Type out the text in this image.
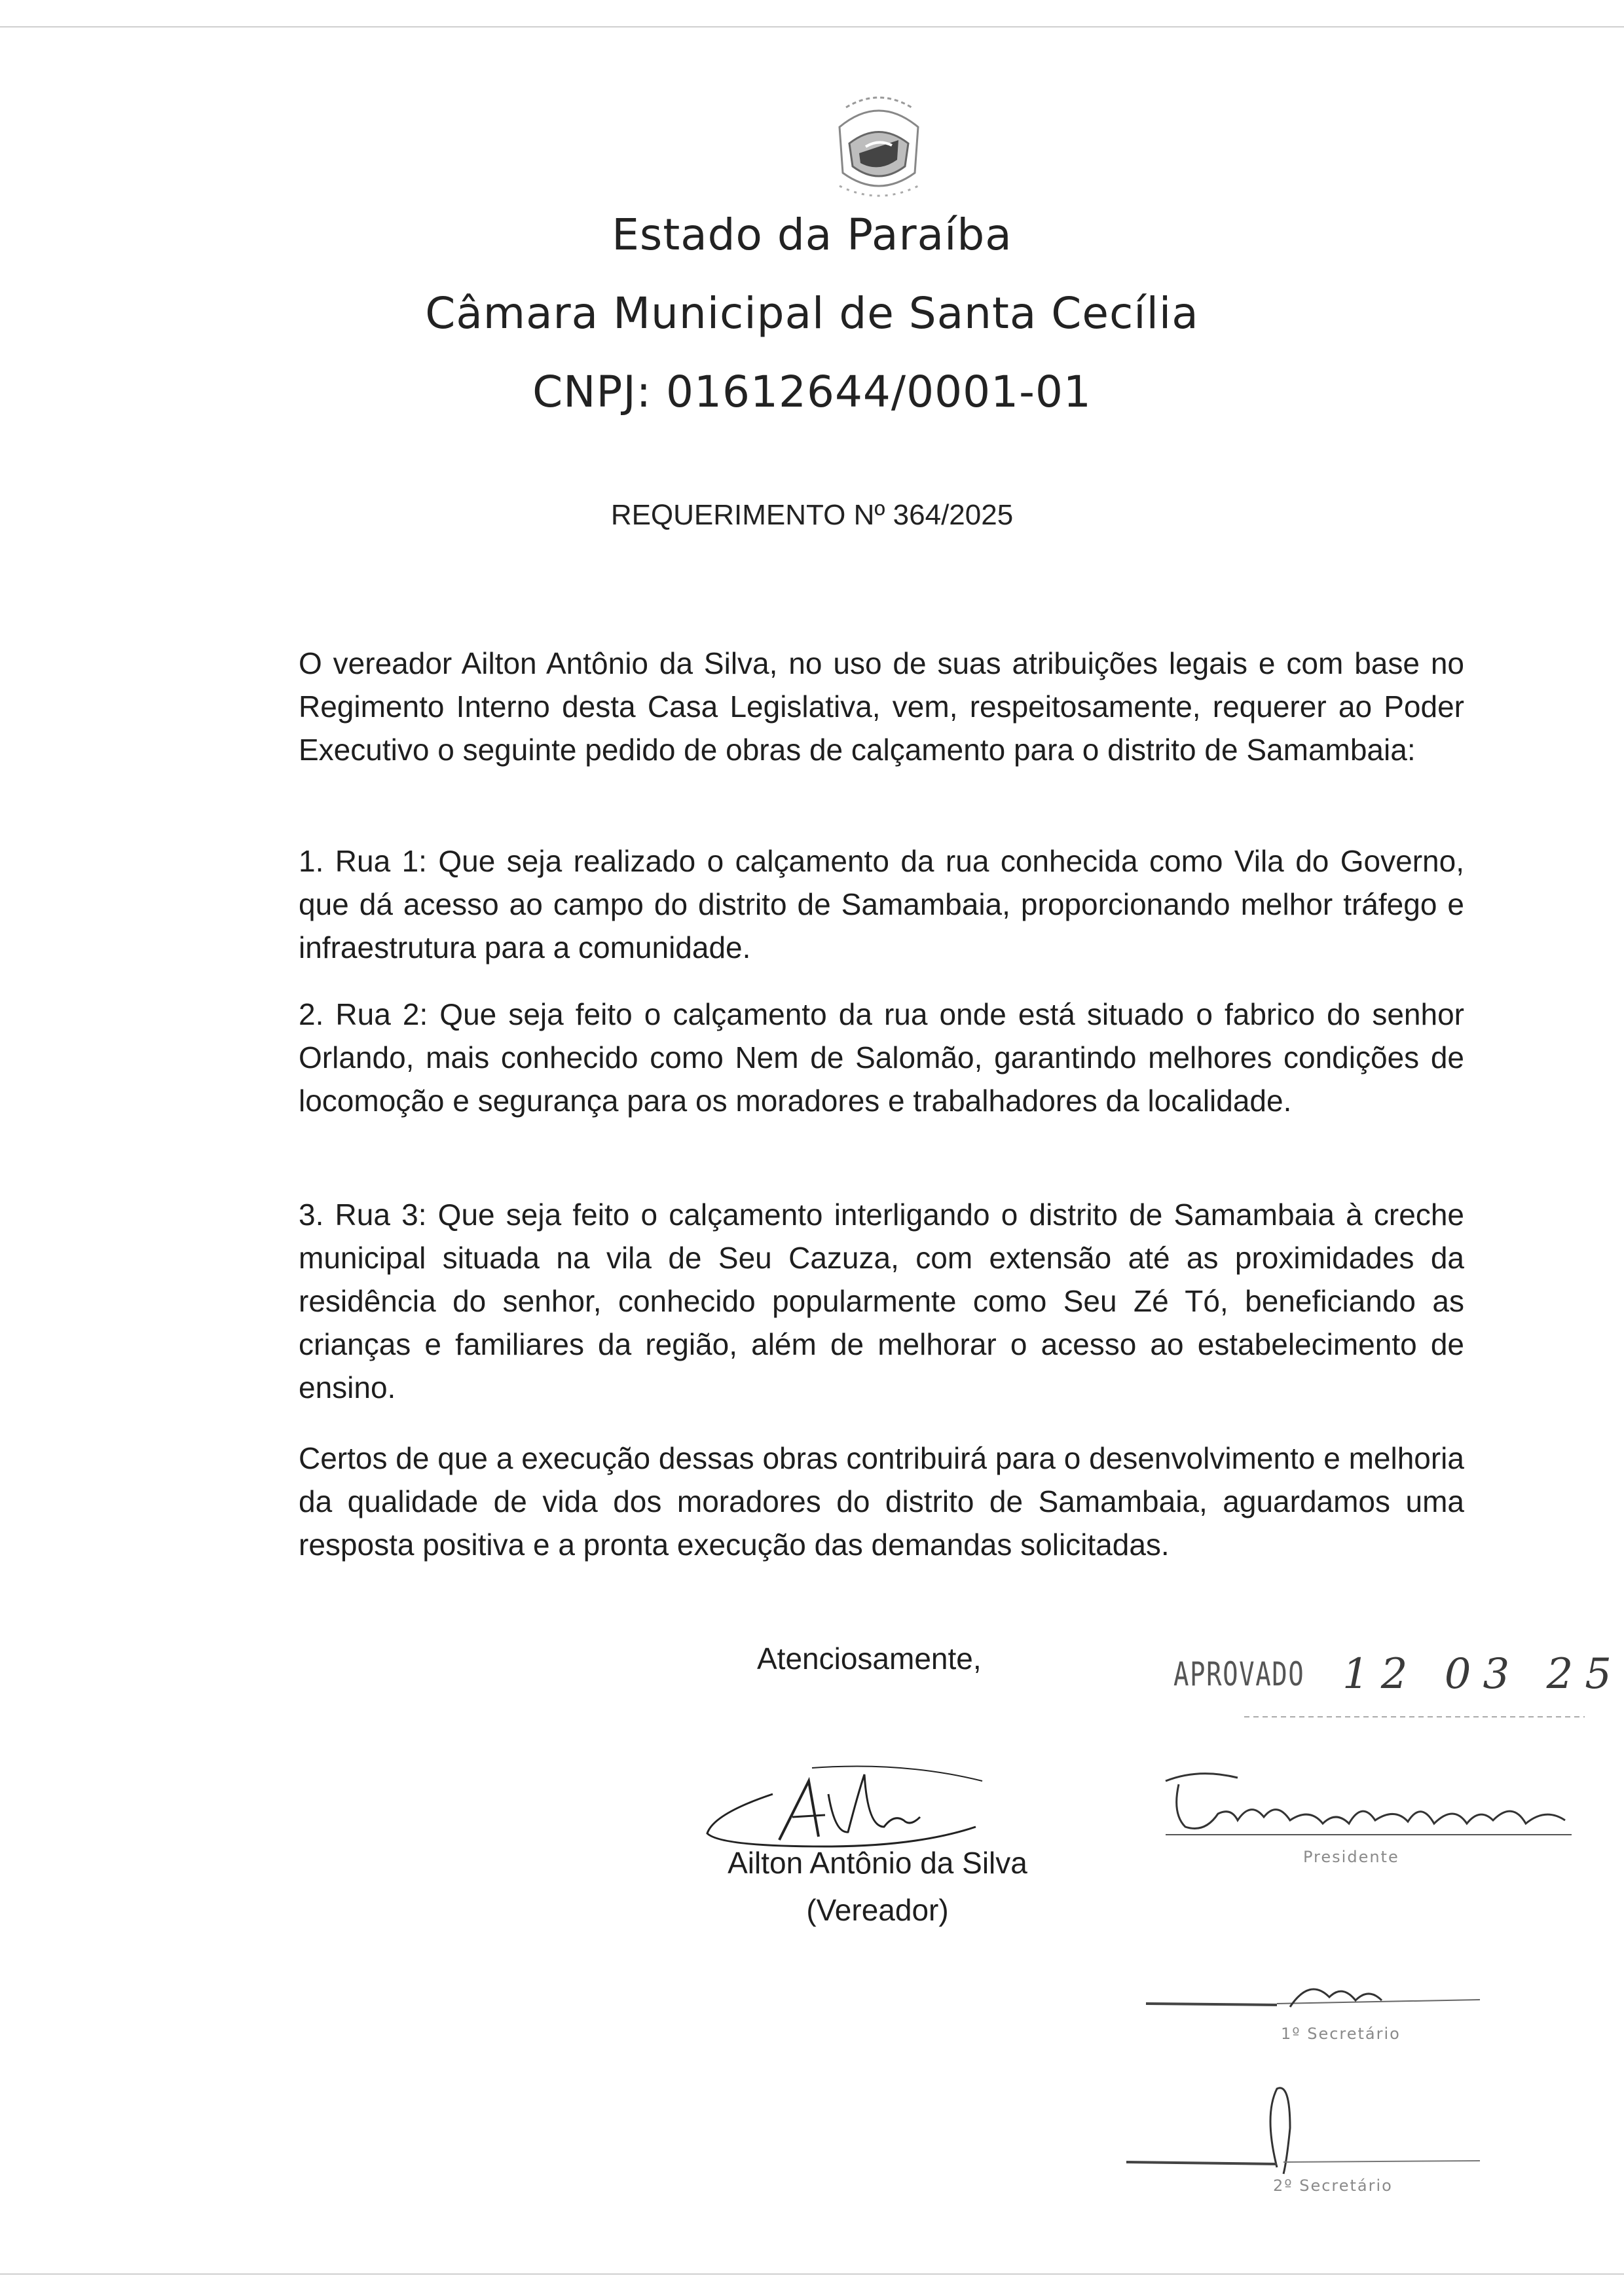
Estado da Paraíba
Câmara Municipal de Santa Cecília
CNPJ: 01612644/0001-01
REQUERIMENTO Nº 364/2025
O vereador Ailton Antônio da Silva, no uso de suas atribuições legais e com base no Regimento Interno desta Casa Legislativa, vem, respeitosamente, requerer ao Poder Executivo o seguinte pedido de obras de calçamento para o distrito de Samambaia:
1. Rua 1: Que seja realizado o calçamento da rua conhecida como Vila do Governo, que dá acesso ao campo do distrito de Samambaia, proporcionando melhor tráfego e infraestrutura para a comunidade.
2. Rua 2: Que seja feito o calçamento da rua onde está situado o fabrico do senhor Orlando, mais conhecido como Nem de Salomão, garantindo melhores condições de locomoção e segurança para os moradores e trabalhadores da localidade.
3. Rua 3: Que seja feito o calçamento interligando o distrito de Samambaia à creche municipal situada na vila de Seu Cazuza, com extensão até as proximidades da residência do senhor, conhecido popularmente como Seu Zé Tó, beneficiando as crianças e familiares da região, além de melhorar o acesso ao estabelecimento de ensino.
Certos de que a execução dessas obras contribuirá para o desenvolvimento e melhoria da qualidade de vida dos moradores do distrito de Samambaia, aguardamos uma resposta positiva e a pronta execução das demandas solicitadas.
Atenciosamente,
Ailton Antônio da Silva
(Vereador)
APROVADO 12 03 25
Presidente
1º Secretário
2º Secretário
